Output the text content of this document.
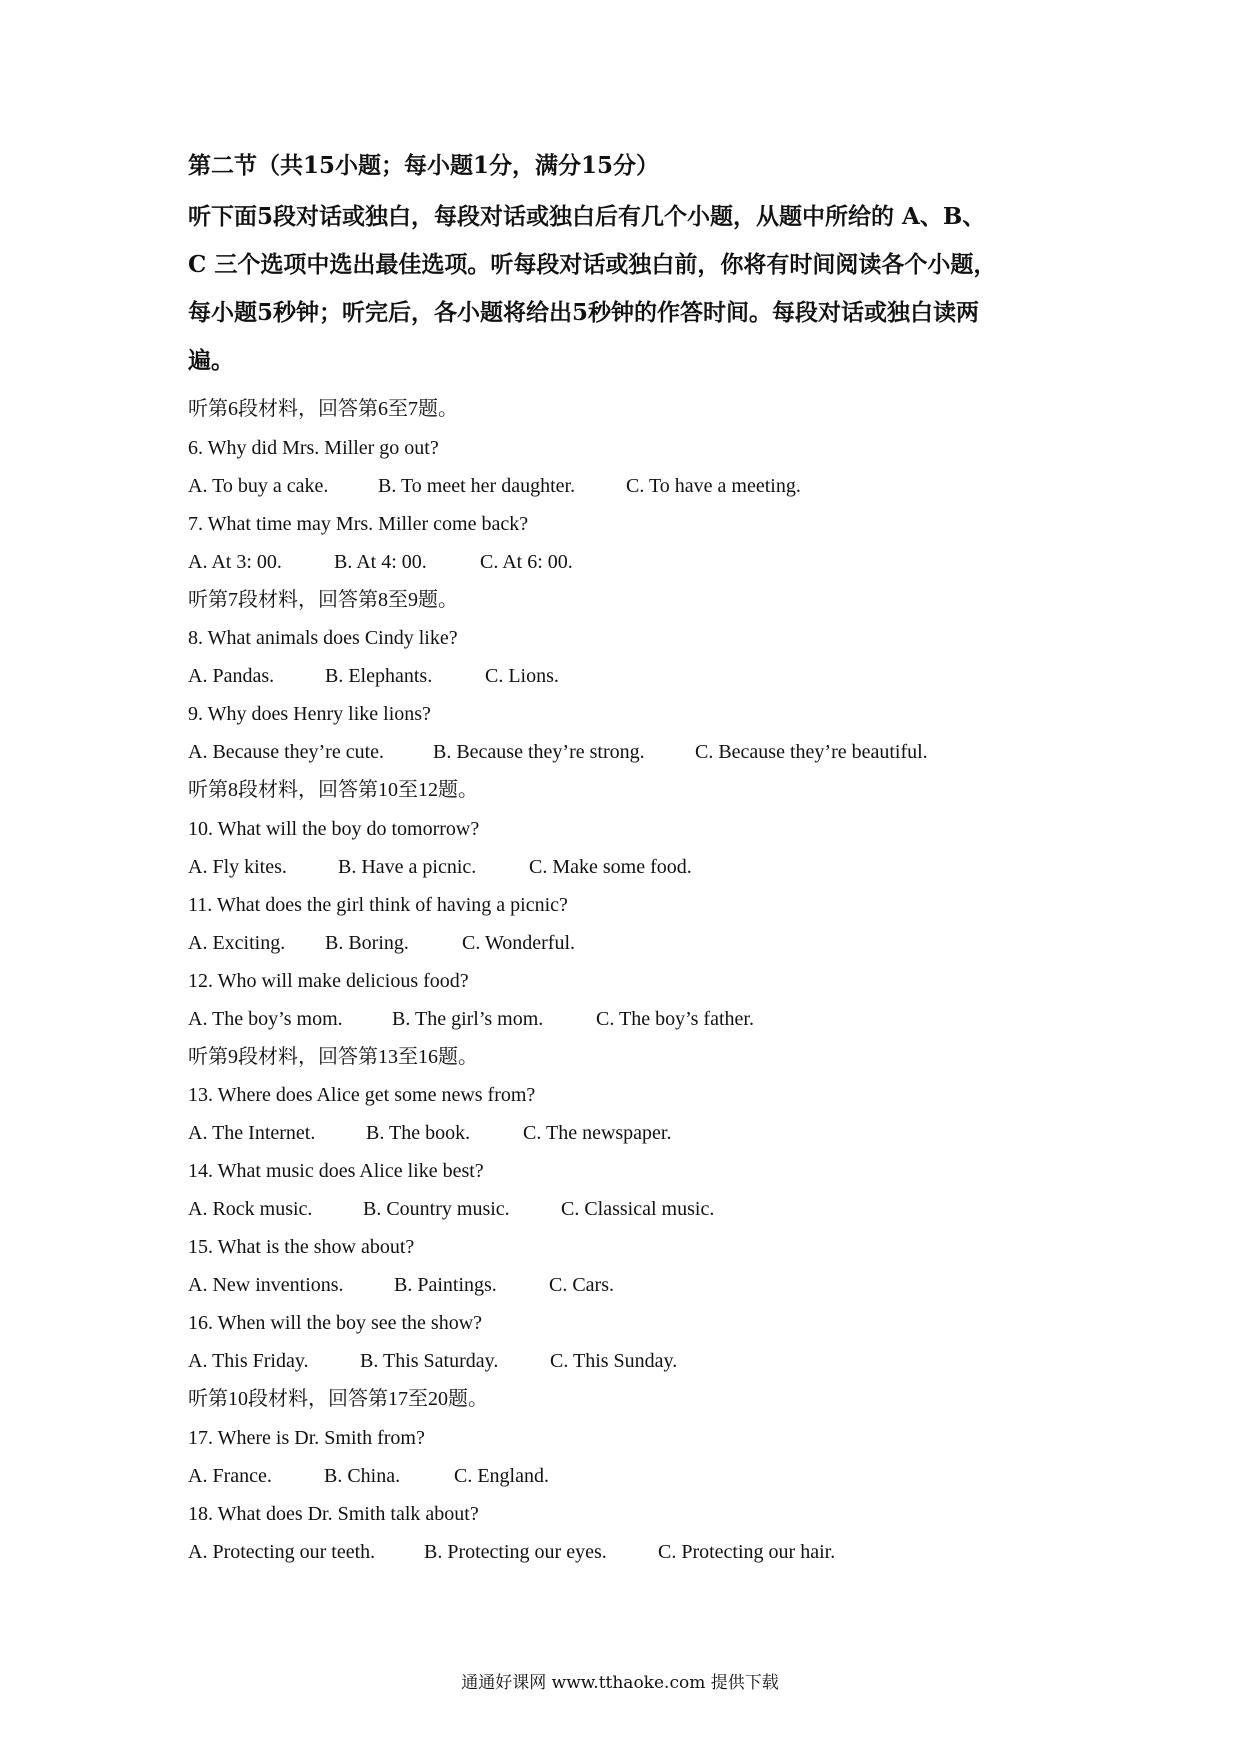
第二节（共15小题；每小题1分，满分15分）
听下面5段对话或独白，每段对话或独白后有几个小题，从题中所给的 A、B、
C 三个选项中选出最佳选项。听每段对话或独白前，你将有时间阅读各个小题，
每小题5秒钟；听完后，各小题将给出5秒钟的作答时间。每段对话或独白读两
遍。
听第6段材料，回答第6至7题。
6. Why did Mrs. Miller go out?
A. To buy a cake.	B. To meet her daughter.	C. To have a meeting.
7. What time may Mrs. Miller come back?
A. At 3: 00.	B. At 4: 00.	C. At 6: 00.
听第7段材料，回答第8至9题。
8. What animals does Cindy like?
A. Pandas.	B. Elephants.	C. Lions.
9. Why does Henry like lions?
A. Because they’re cute.	B. Because they’re strong.	C. Because they’re beautiful.
听第8段材料，回答第10至12题。
10. What will the boy do tomorrow?
A. Fly kites.	B. Have a picnic.	C. Make some food.
11. What does the girl think of having a picnic?
A. Exciting.	B. Boring.	C. Wonderful.
12. Who will make delicious food?
A. The boy’s mom.	B. The girl’s mom.	C. The boy’s father.
听第9段材料，回答第13至16题。
13. Where does Alice get some news from?
A. The Internet.	B. The book.	C. The newspaper.
14. What music does Alice like best?
A. Rock music.	B. Country music.	C. Classical music.
15. What is the show about?
A. New inventions.	B. Paintings.	C. Cars.
16. When will the boy see the show?
A. This Friday.	B. This Saturday.	C. This Sunday.
听第10段材料，回答第17至20题。
17. Where is Dr. Smith from?
A. France.	B. China.	C. England.
18. What does Dr. Smith talk about?
A. Protecting our teeth.	B. Protecting our eyes.	C. Protecting our hair.
通通好课网 www.tthaoke.com 提供下载
